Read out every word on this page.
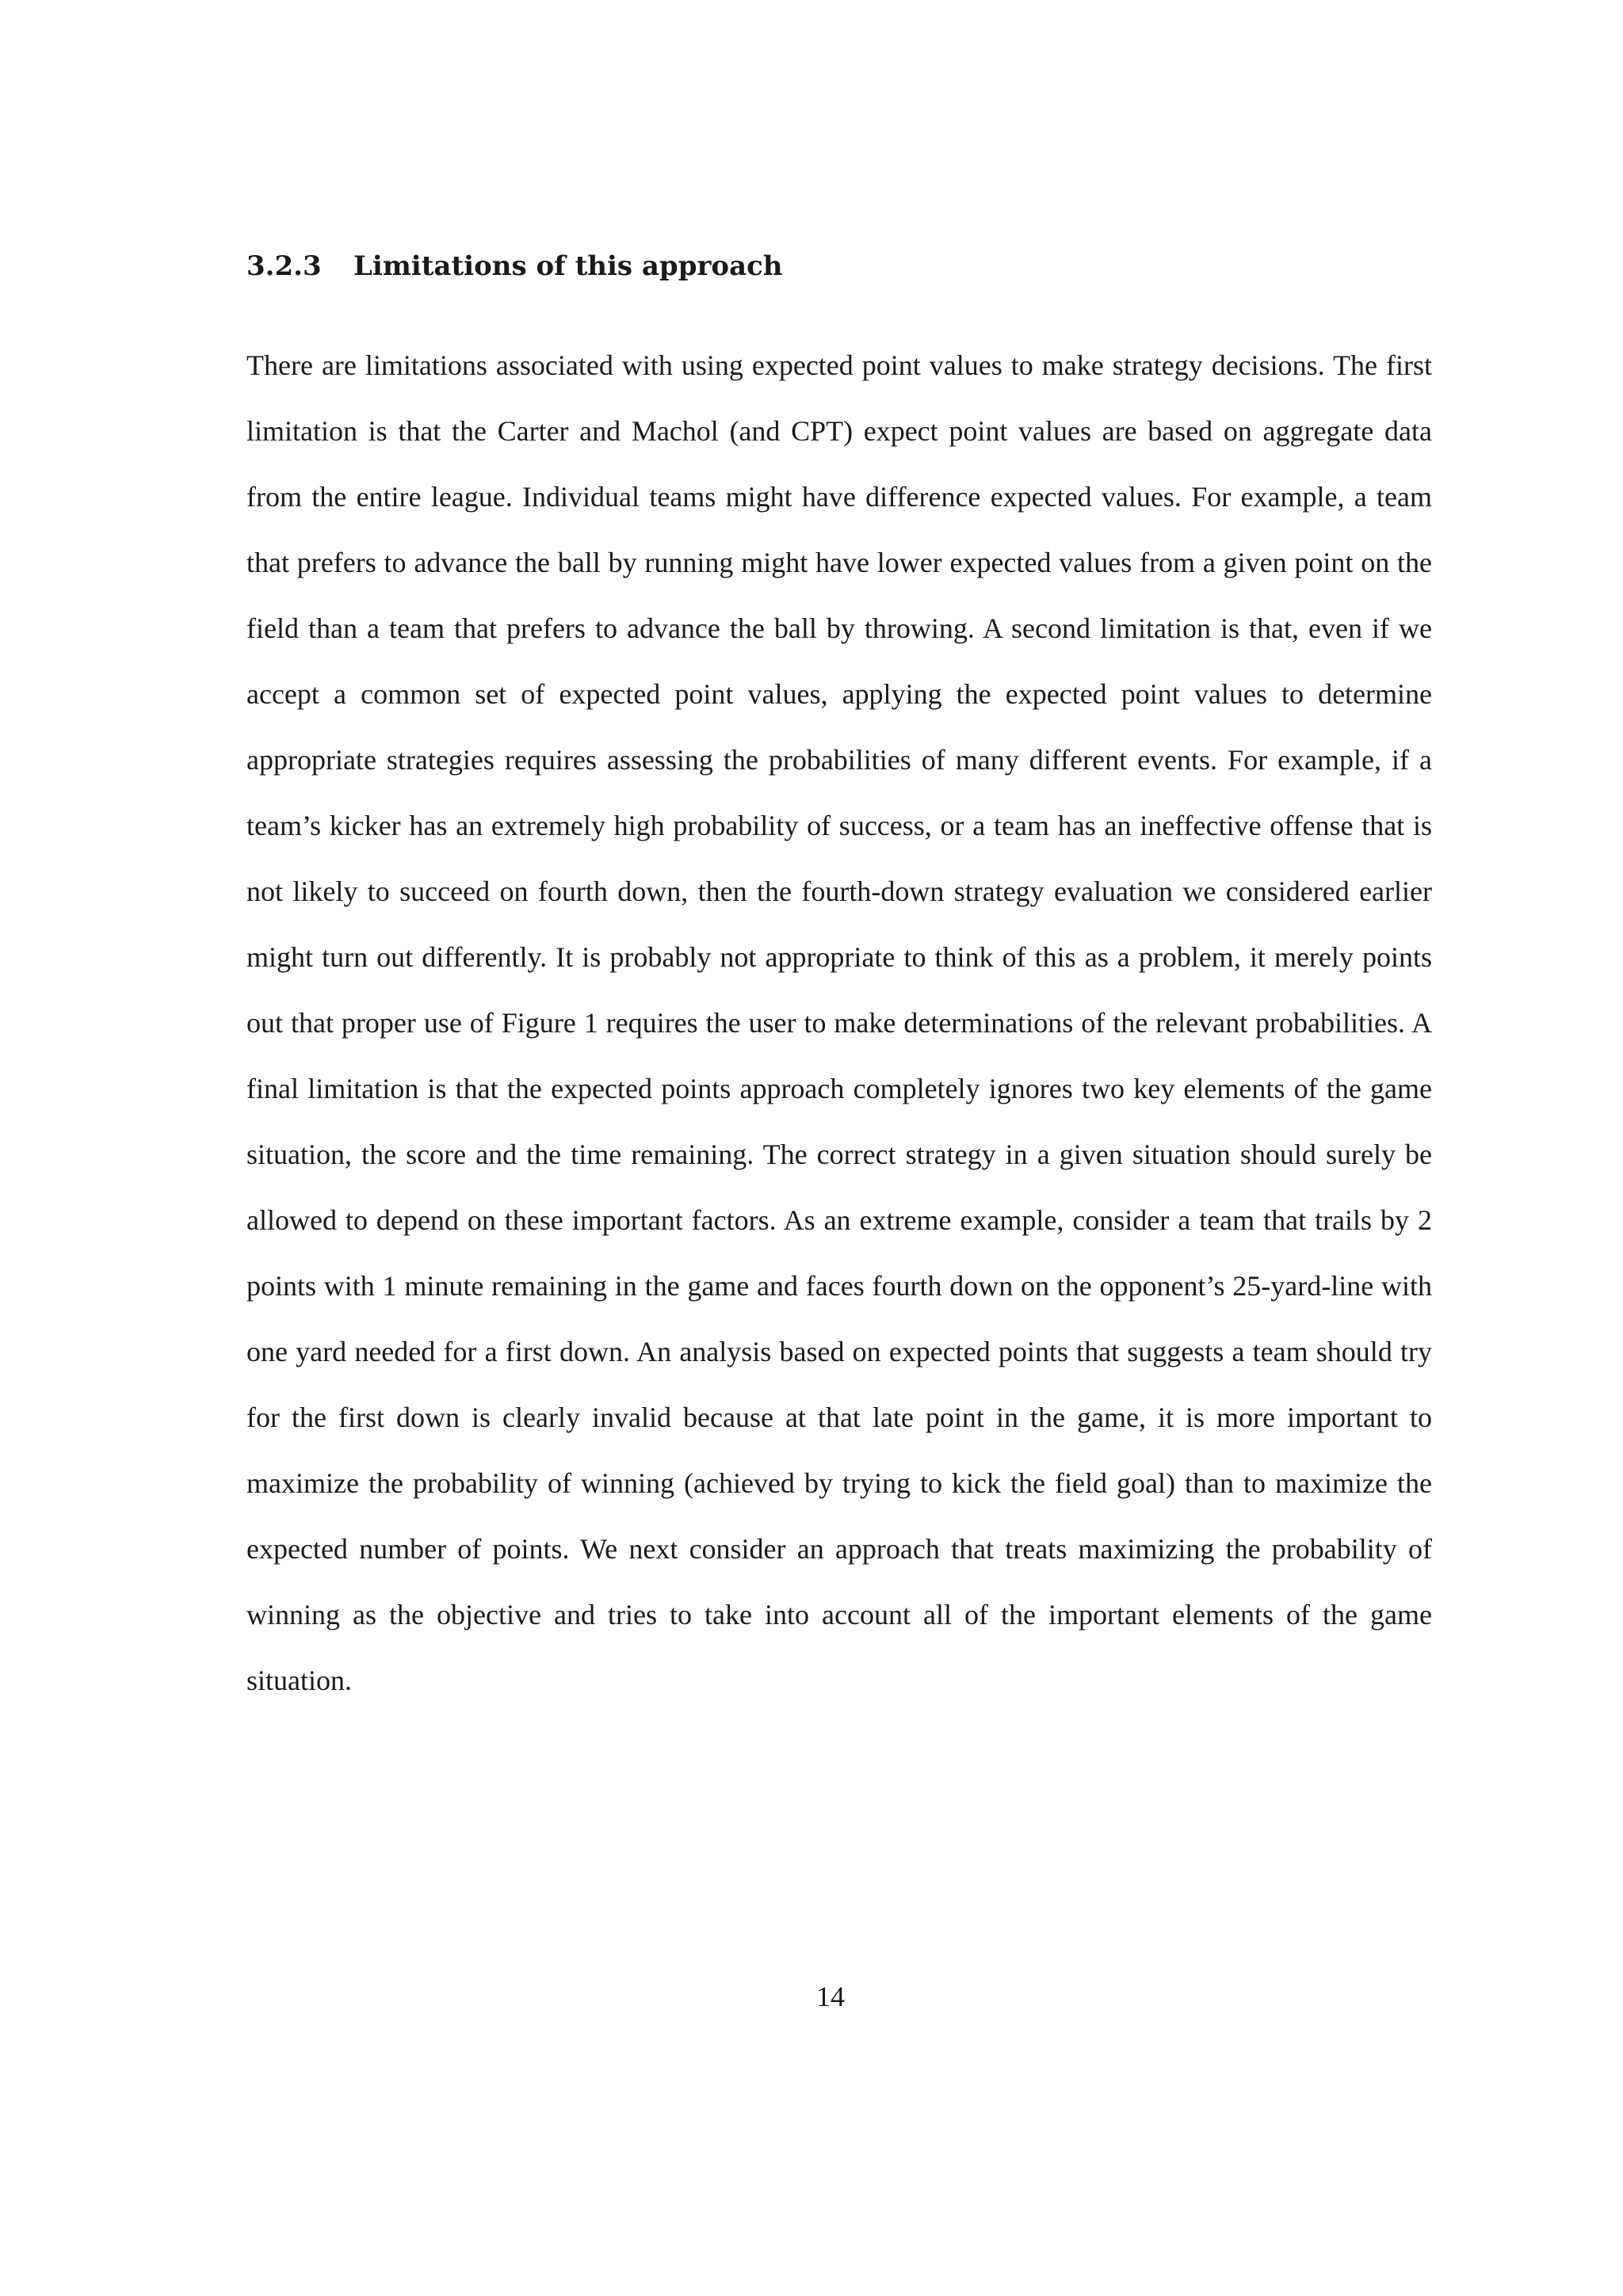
3.2.3 Limitations of this approach

There are limitations associated with using expected point values to make strategy decisions. The first limitation is that the Carter and Machol (and CPT) expect point values are based on aggregate data from the entire league. Individual teams might have difference expected values. For example, a team that prefers to advance the ball by running might have lower expected values from a given point on the field than a team that prefers to advance the ball by throwing. A second limitation is that, even if we accept a common set of expected point values, applying the expected point values to determine appropriate strategies requires assessing the probabilities of many different events. For example, if a team’s kicker has an extremely high probability of success, or a team has an ineffective offense that is not likely to succeed on fourth down, then the fourth-down strategy evaluation we considered earlier might turn out differently. It is probably not appropriate to think of this as a problem, it merely points out that proper use of Figure 1 requires the user to make determinations of the relevant probabilities. A final limitation is that the expected points approach completely ignores two key elements of the game situation, the score and the time remaining. The correct strategy in a given situation should surely be allowed to depend on these important factors. As an extreme example, consider a team that trails by 2 points with 1 minute remaining in the game and faces fourth down on the opponent’s 25-yard-line with one yard needed for a first down. An analysis based on expected points that suggests a team should try for the first down is clearly invalid because at that late point in the game, it is more important to maximize the probability of winning (achieved by trying to kick the field goal) than to maximize the expected number of points. We next consider an approach that treats maximizing the probability of winning as the objective and tries to take into account all of the important elements of the game situation.

14
